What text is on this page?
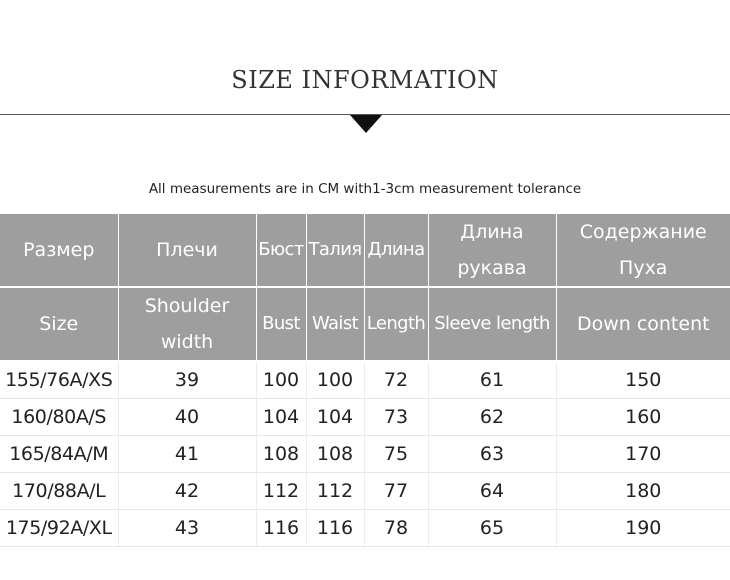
SIZE INFORMATION
All measurements are in CM with1-3cm measurement tolerance
Размер	Плечи	Бюст	Талия	Длина	Длина рукава	Содержание Пуха
Size	Shoulder width	Bust	Waist	Length	Sleeve length	Down content
155/76A/XS	39	100	100	72	61	150
160/80A/S	40	104	104	73	62	160
165/84A/M	41	108	108	75	63	170
170/88A/L	42	112	112	77	64	180
175/92A/XL	43	116	116	78	65	190
